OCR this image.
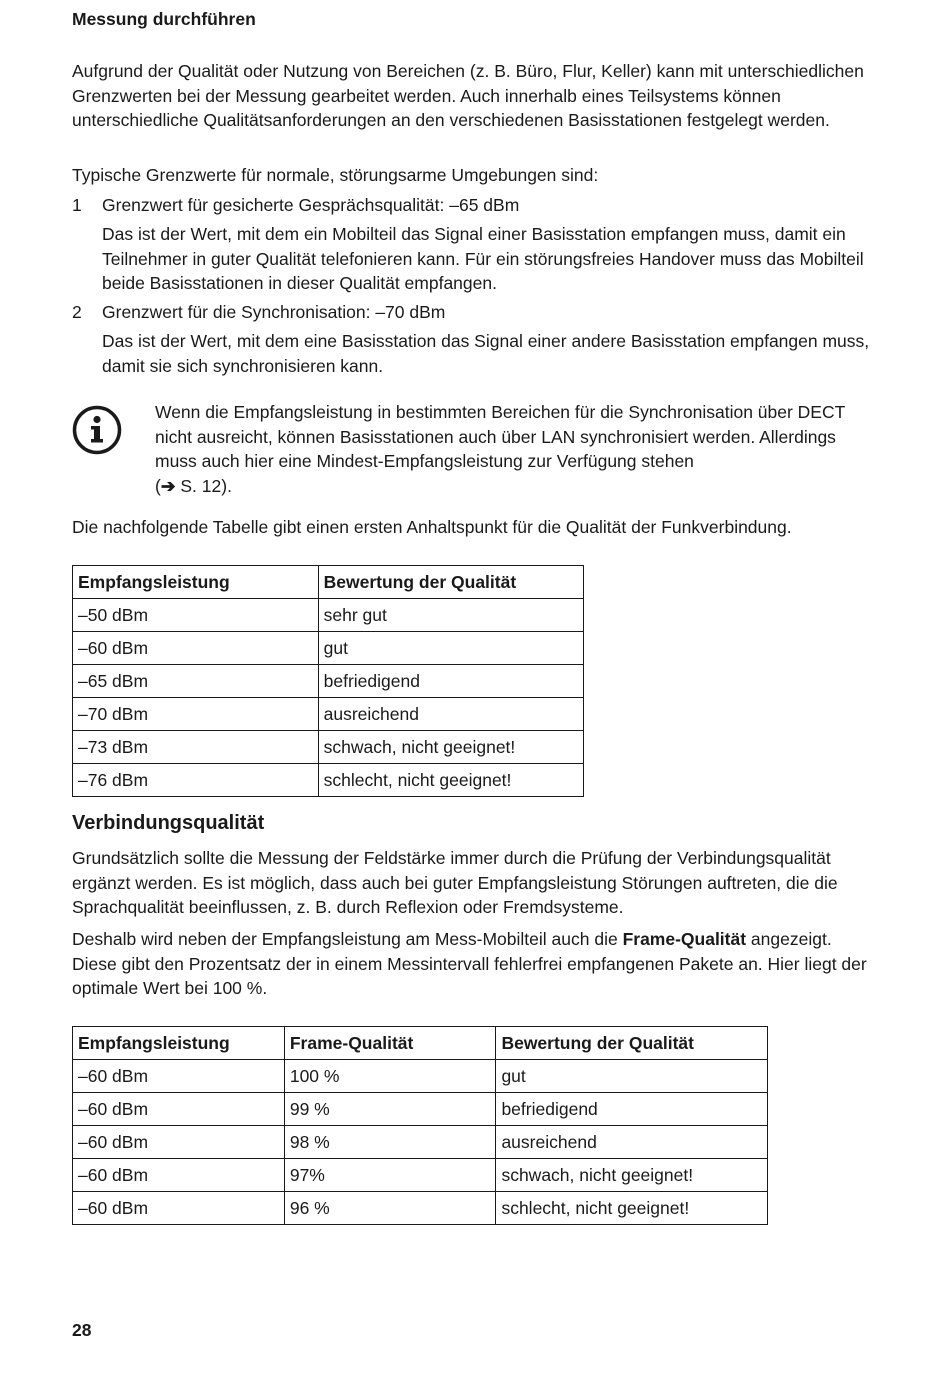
Messung durchführen
Aufgrund der Qualität oder Nutzung von Bereichen (z. B. Büro, Flur, Keller) kann mit unterschiedlichen Grenzwerten bei der Messung gearbeitet werden. Auch innerhalb eines Teilsystems können unterschiedliche Qualitätsanforderungen an den verschiedenen Basisstationen festgelegt werden.
Typische Grenzwerte für normale, störungsarme Umgebungen sind:
1 Grenzwert für gesicherte Gesprächsqualität: –65 dBm
Das ist der Wert, mit dem ein Mobilteil das Signal einer Basisstation empfangen muss, damit ein Teilnehmer in guter Qualität telefonieren kann. Für ein störungsfreies Handover muss das Mobilteil beide Basisstationen in dieser Qualität empfangen.
2 Grenzwert für die Synchronisation: –70 dBm
Das ist der Wert, mit dem eine Basisstation das Signal einer andere Basisstation empfangen muss, damit sie sich synchronisieren kann.
Wenn die Empfangsleistung in bestimmten Bereichen für die Synchronisation über DECT nicht ausreicht, können Basisstationen auch über LAN synchronisiert werden. Allerdings muss auch hier eine Mindest-Empfangsleistung zur Verfügung stehen
(➔ S. 12).
Die nachfolgende Tabelle gibt einen ersten Anhaltspunkt für die Qualität der Funkverbindung.
Empfangsleistung	Bewertung der Qualität
–50 dBm	sehr gut
–60 dBm	gut
–65 dBm	befriedigend
–70 dBm	ausreichend
–73 dBm	schwach, nicht geeignet!
–76 dBm	schlecht, nicht geeignet!
Verbindungsqualität
Grundsätzlich sollte die Messung der Feldstärke immer durch die Prüfung der Verbindungsqualität ergänzt werden. Es ist möglich, dass auch bei guter Empfangsleistung Störungen auftreten, die die Sprachqualität beeinflussen, z. B. durch Reflexion oder Fremdsysteme.
Deshalb wird neben der Empfangsleistung am Mess-Mobilteil auch die Frame-Qualität angezeigt. Diese gibt den Prozentsatz der in einem Messintervall fehlerfrei empfangenen Pakete an. Hier liegt der optimale Wert bei 100 %.
Empfangsleistung	Frame-Qualität	Bewertung der Qualität
–60 dBm	100 %	gut
–60 dBm	99 %	befriedigend
–60 dBm	98 %	ausreichend
–60 dBm	97%	schwach, nicht geeignet!
–60 dBm	96 %	schlecht, nicht geeignet!
28
